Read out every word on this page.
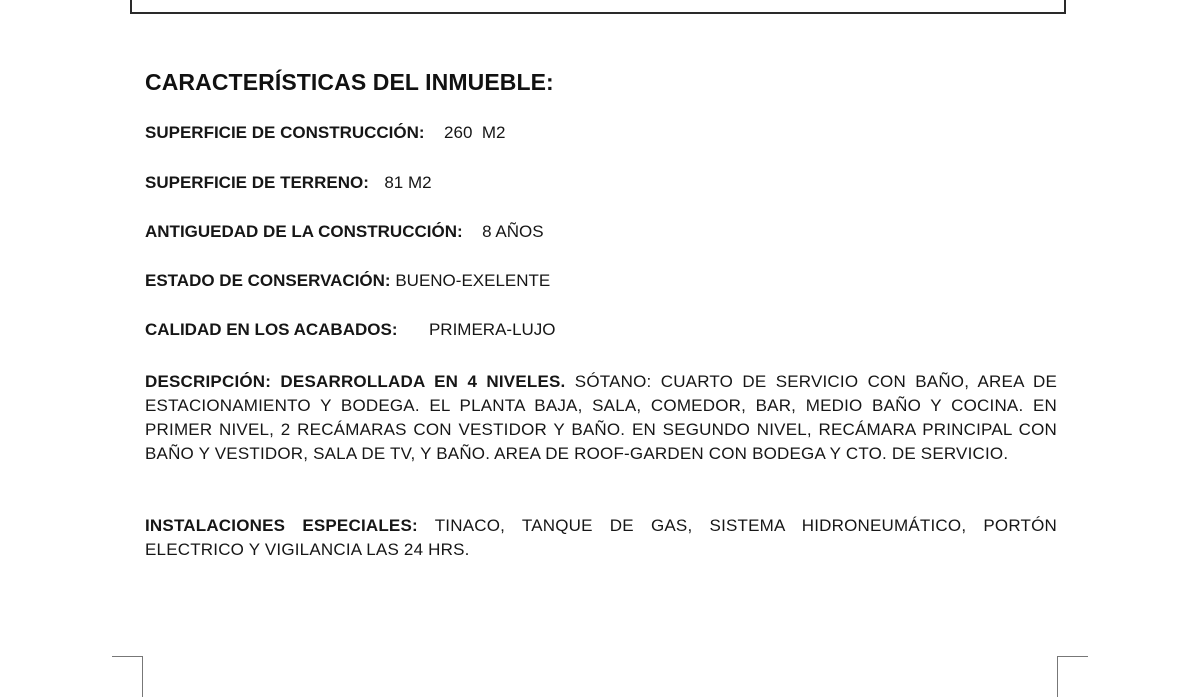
CARACTERÍSTICAS DEL INMUEBLE:
SUPERFICIE DE CONSTRUCCIÓN: 260  M2
SUPERFICIE DE TERRENO: 81 M2
ANTIGUEDAD DE LA CONSTRUCCIÓN: 8 AÑOS
ESTADO DE CONSERVACIÓN: BUENO-EXELENTE
CALIDAD EN LOS ACABADOS: PRIMERA-LUJO
DESCRIPCIÓN: DESARROLLADA EN 4 NIVELES. SÓTANO: CUARTO DE SERVICIO CON BAÑO, AREA DE ESTACIONAMIENTO Y BODEGA. EL PLANTA BAJA, SALA, COMEDOR, BAR, MEDIO BAÑO Y COCINA. EN PRIMER NIVEL, 2 RECÁMARAS CON VESTIDOR Y BAÑO. EN SEGUNDO NIVEL, RECÁMARA PRINCIPAL CON BAÑO Y VESTIDOR, SALA DE TV, Y BAÑO. AREA DE ROOF-GARDEN CON BODEGA Y CTO. DE SERVICIO.
INSTALACIONES ESPECIALES: TINACO, TANQUE DE GAS, SISTEMA HIDRONEUMÁTICO, PORTÓN ELECTRICO Y VIGILANCIA LAS 24 HRS.
